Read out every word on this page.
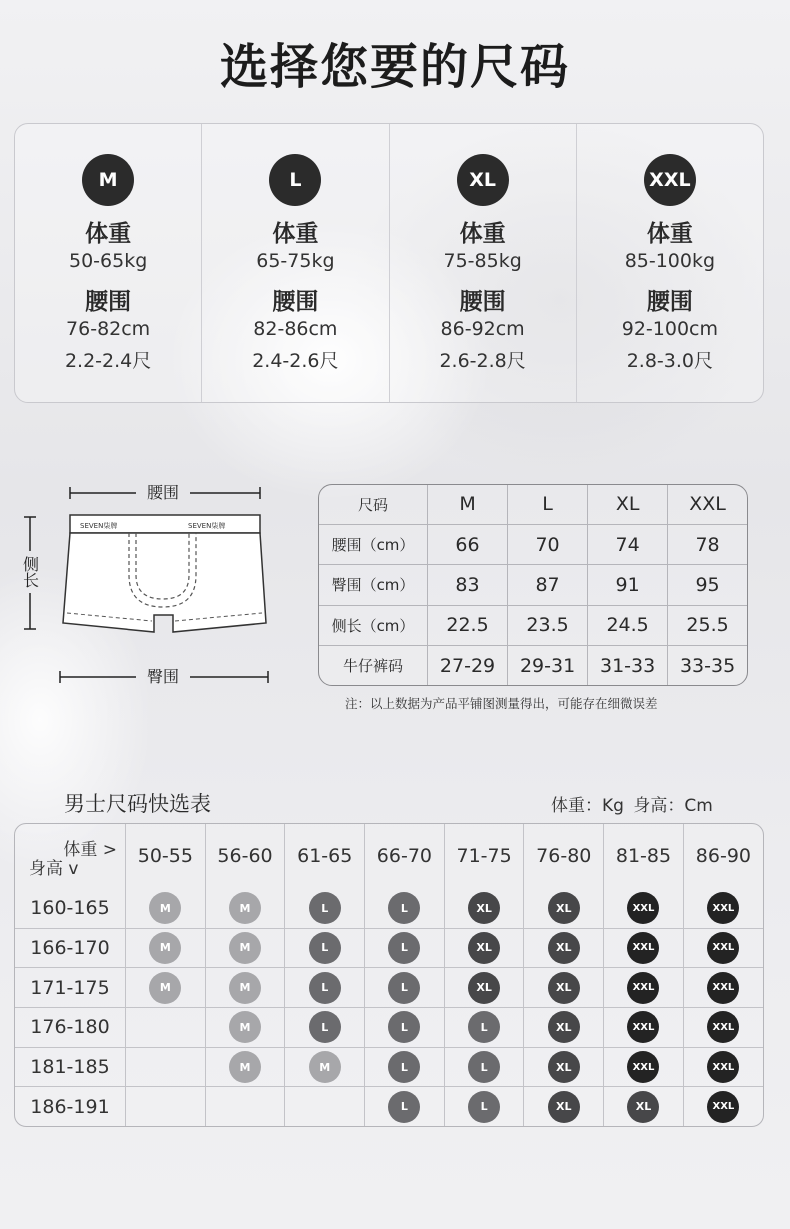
选择您要的尺码
M
体重
50-65kg
腰围
76-82cm
2.2-2.4尺
L
体重
65-75kg
腰围
82-86cm
2.4-2.6尺
XL
体重
75-85kg
腰围
86-92cm
2.6-2.8尺
XXL
体重
85-100kg
腰围
92-100cm
2.8-3.0尺
腰围
侧长
SEVEN柒牌	SEVEN柒牌
臀围
尺码	M	L	XL	XXL
腰围（cm）	66	70	74	78
臀围（cm）	83	87	91	95
侧长（cm）	22.5	23.5	24.5	25.5
牛仔裤码	27-29	29-31	31-33	33-35
注：以上数据为产品平铺图测量得出，可能存在细微误差
男士尺码快选表	体重：Kg 身高：Cm
体重 >
身高 v	50-55	56-60	61-65	66-70	71-75	76-80	81-85	86-90
160-165	M	M	L	L	XL	XL	XXL	XXL
166-170	M	M	L	L	XL	XL	XXL	XXL
171-175	M	M	L	L	XL	XL	XXL	XXL
176-180		M	L	L	L	XL	XXL	XXL
181-185		M	M	L	L	XL	XXL	XXL
186-191				L	L	XL	XL	XXL
